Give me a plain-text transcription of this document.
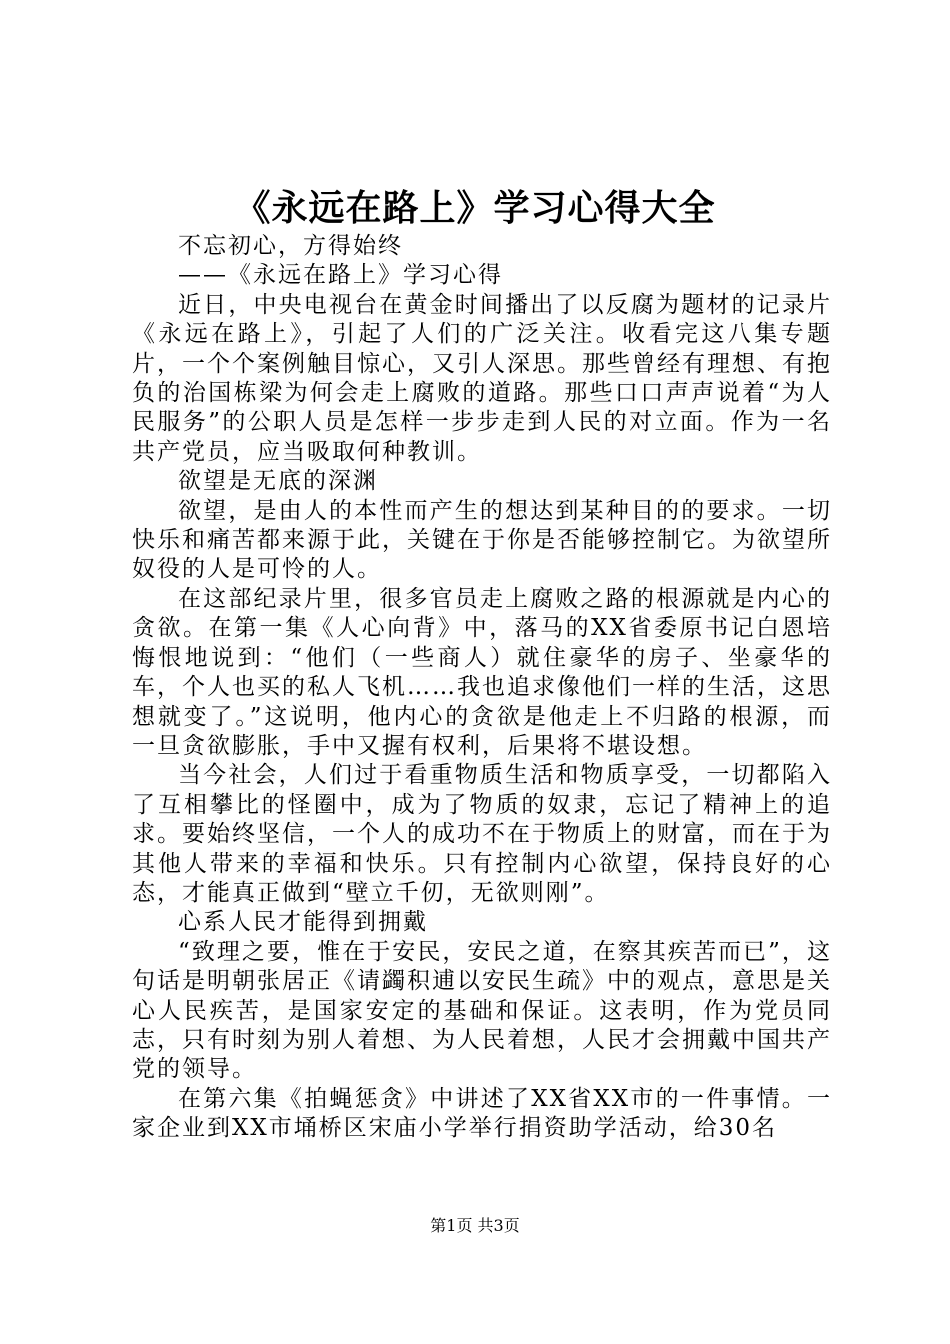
《永远在路上》学习心得大全

不忘初心，方得始终

——《永远在路上》学习心得

近日，中央电视台在黄金时间播出了以反腐为题材的记录片《永远在路上》，引起了人们的广泛关注。收看完这八集专题片，一个个案例触目惊心，又引人深思。那些曾经有理想、有抱负的治国栋梁为何会走上腐败的道路。那些口口声声说着“为人民服务”的公职人员是怎样一步步走到人民的对立面。作为一名共产党员，应当吸取何种教训。

欲望是无底的深渊

欲望，是由人的本性而产生的想达到某种目的的要求。一切快乐和痛苦都来源于此，关键在于你是否能够控制它。为欲望所奴役的人是可怜的人。

在这部纪录片里，很多官员走上腐败之路的根源就是内心的贪欲。在第一集《人心向背》中，落马的XX省委原书记白恩培悔恨地说到：“他们（一些商人）就住豪华的房子、坐豪华的车，个人也买的私人飞机……我也追求像他们一样的生活，这思想就变了。”这说明，他内心的贪欲是他走上不归路的根源，而一旦贪欲膨胀，手中又握有权利，后果将不堪设想。

当今社会，人们过于看重物质生活和物质享受，一切都陷入了互相攀比的怪圈中，成为了物质的奴隶，忘记了精神上的追求。要始终坚信，一个人的成功不在于物质上的财富，而在于为其他人带来的幸福和快乐。只有控制内心欲望，保持良好的心态，才能真正做到“壁立千仞，无欲则刚”。

心系人民才能得到拥戴

“致理之要，惟在于安民，安民之道，在察其疾苦而已”，这句话是明朝张居正《请蠲积逋以安民生疏》中的观点，意思是关心人民疾苦，是国家安定的基础和保证。这表明，作为党员同志，只有时刻为别人着想、为人民着想，人民才会拥戴中国共产党的领导。

在第六集《拍蝇惩贪》中讲述了XX省XX市的一件事情。一家企业到XX市埇桥区宋庙小学举行捐资助学活动，给30名

第1页 共3页
